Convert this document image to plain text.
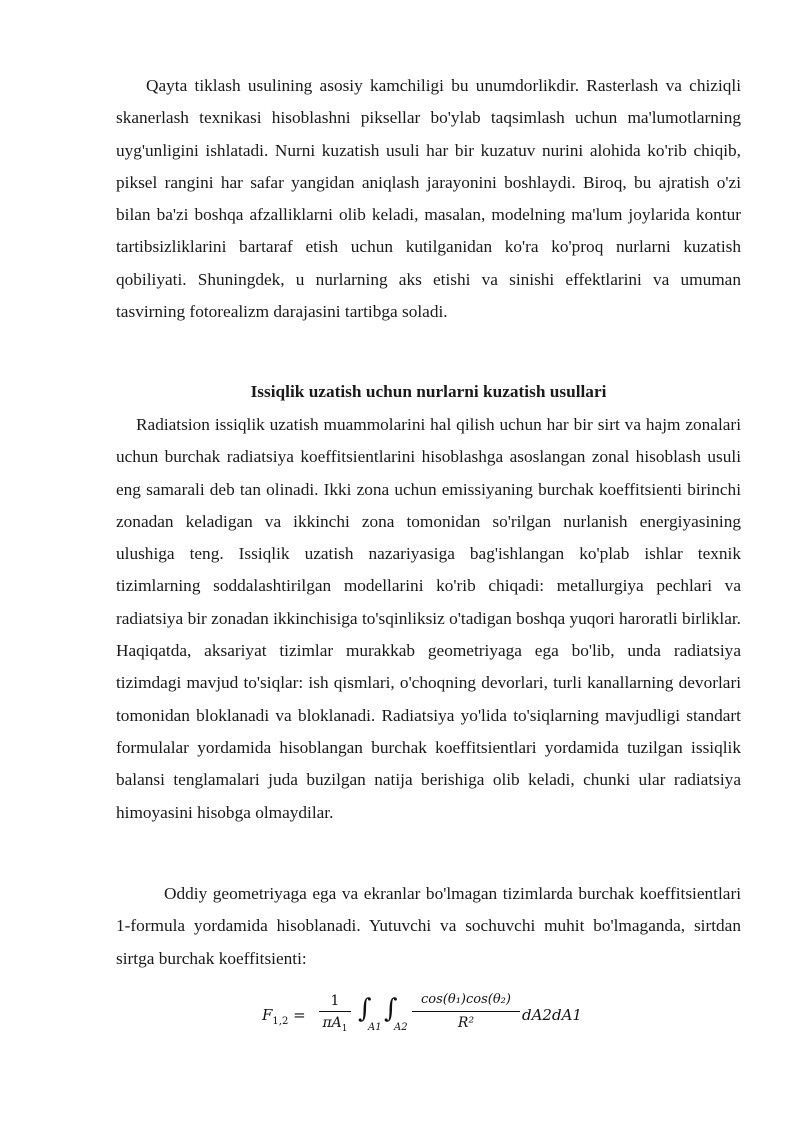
Qayta tiklash usulining asosiy kamchiligi bu unumdorlikdir. Rasterlash va chiziqli skanerlash texnikasi hisoblashni piksellar bo'ylab taqsimlash uchun ma'lumotlarning uyg'unligini ishlatadi. Nurni kuzatish usuli har bir kuzatuv nurini alohida ko'rib chiqib, piksel rangini har safar yangidan aniqlash jarayonini boshlaydi. Biroq, bu ajratish o'zi bilan ba'zi boshqa afzalliklarni olib keladi, masalan, modelning ma'lum joylarida kontur tartibsizliklarini bartaraf etish uchun kutilganidan ko'ra ko'proq nurlarni kuzatish qobiliyati. Shuningdek, u nurlarning aks etishi va sinishi effektlarini va umuman tasvirning fotorealizm darajasini tartibga soladi.

Issiqlik uzatish uchun nurlarni kuzatish usullari

Radiatsion issiqlik uzatish muammolarini hal qilish uchun har bir sirt va hajm zonalari uchun burchak radiatsiya koeffitsientlarini hisoblashga asoslangan zonal hisoblash usuli eng samarali deb tan olinadi. Ikki zona uchun emissiyaning burchak koeffitsienti birinchi zonadan keladigan va ikkinchi zona tomonidan so'rilgan nurlanish energiyasining ulushiga teng. Issiqlik uzatish nazariyasiga bag'ishlangan ko'plab ishlar texnik tizimlarning soddalashtirilgan modellarini ko'rib chiqadi: metallurgiya pechlari va radiatsiya bir zonadan ikkinchisiga to'sqinliksiz o'tadigan boshqa yuqori haroratli birliklar. Haqiqatda, aksariyat tizimlar murakkab geometriyaga ega bo'lib, unda radiatsiya tizimdagi mavjud to'siqlar: ish qismlari, o'choqning devorlari, turli kanallarning devorlari tomonidan bloklanadi va bloklanadi. Radiatsiya yo'lida to'siqlarning mavjudligi standart formulalar yordamida hisoblangan burchak koeffitsientlari yordamida tuzilgan issiqlik balansi tenglamalari juda buzilgan natija berishiga olib keladi, chunki ular radiatsiya himoyasini hisobga olmaydilar.

Oddiy geometriyaga ega va ekranlar bo'lmagan tizimlarda burchak koeffitsientlari 1-formula yordamida hisoblanadi. Yutuvchi va sochuvchi muhit bo'lmaganda, sirtdan sirtga burchak koeffitsienti:

$F_{1,2}$ =
1
$\pi A_1$
∫
A1
∫
A2
cos(θ₁)cos(θ₂)
R²	dA2dA1
